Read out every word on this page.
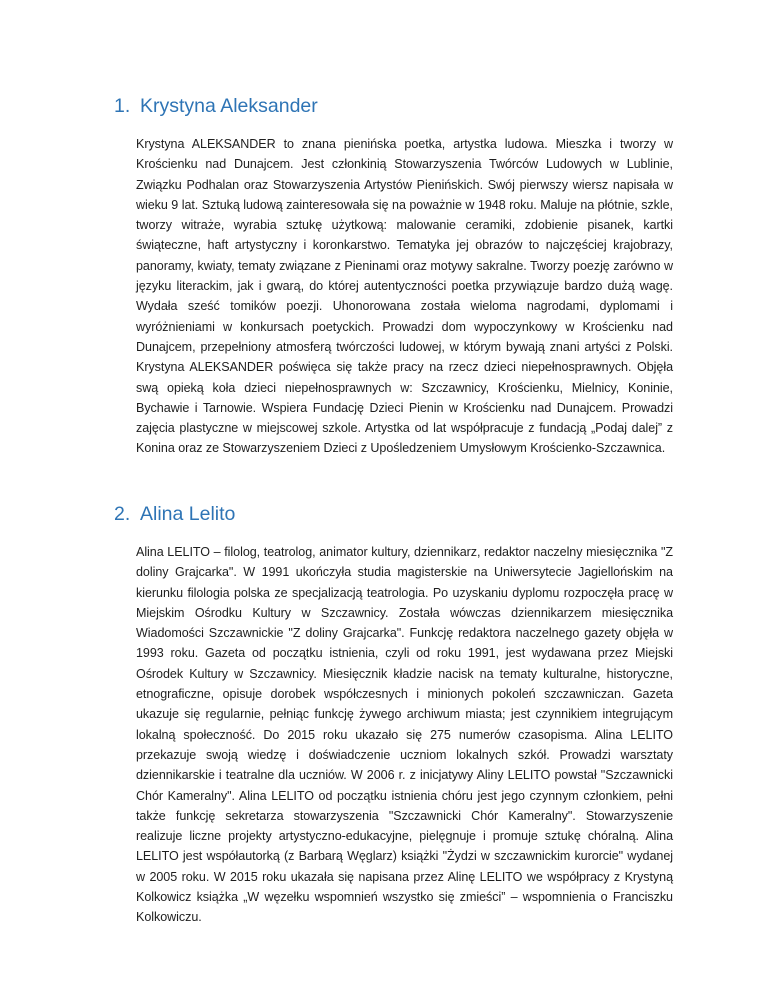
1. Krystyna Aleksander

Krystyna ALEKSANDER to znana pienińska poetka, artystka ludowa. Mieszka i tworzy w Krościenku nad Dunajcem. Jest członkinią Stowarzyszenia Twórców Ludowych w Lublinie, Związku Podhalan oraz Stowarzyszenia Artystów Pienińskich. Swój pierwszy wiersz napisała w wieku 9 lat. Sztuką ludową zainteresowała się na poważnie w 1948 roku. Maluje na płótnie, szkle, tworzy witraże, wyrabia sztukę użytkową: malowanie ceramiki, zdobienie pisanek, kartki świąteczne, haft artystyczny i koronkarstwo. Tematyka jej obrazów to najczęściej krajobrazy, panoramy, kwiaty, tematy związane z Pieninami oraz motywy sakralne. Tworzy poezję zarówno w języku literackim, jak i gwarą, do której autentyczności poetka przywiązuje bardzo dużą wagę. Wydała sześć tomików poezji. Uhonorowana została wieloma nagrodami, dyplomami i wyróżnieniami w konkursach poetyckich. Prowadzi dom wypoczynkowy w Krościenku nad Dunajcem, przepełniony atmosferą twórczości ludowej, w którym bywają znani artyści z Polski. Krystyna ALEKSANDER poświęca się także pracy na rzecz dzieci niepełnosprawnych. Objęła swą opieką koła dzieci niepełnosprawnych w: Szczawnicy, Krościenku, Mielnicy, Koninie, Bychawie i Tarnowie. Wspiera Fundację Dzieci Pienin w Krościenku nad Dunajcem. Prowadzi zajęcia plastyczne w miejscowej szkole. Artystka od lat współpracuje z fundacją „Podaj dalej” z Konina oraz ze Stowarzyszeniem Dzieci z Upośledzeniem Umysłowym Krościenko-Szczawnica.

2. Alina Lelito

Alina LELITO – filolog, teatrolog, animator kultury, dziennikarz, redaktor naczelny miesięcznika "Z doliny Grajcarka". W 1991 ukończyła studia magisterskie na Uniwersytecie Jagiellońskim na kierunku filologia polska ze specjalizacją teatrologia. Po uzyskaniu dyplomu rozpoczęła pracę w Miejskim Ośrodku Kultury w Szczawnicy. Została wówczas dziennikarzem miesięcznika Wiadomości Szczawnickie "Z doliny Grajcarka". Funkcję redaktora naczelnego gazety objęła w 1993 roku. Gazeta od początku istnienia, czyli od roku 1991, jest wydawana przez Miejski Ośrodek Kultury w Szczawnicy. Miesięcznik kładzie nacisk na tematy kulturalne, historyczne, etnograficzne, opisuje dorobek współczesnych i minionych pokoleń szczawniczan. Gazeta ukazuje się regularnie, pełniąc funkcję żywego archiwum miasta; jest czynnikiem integrującym lokalną społeczność. Do 2015 roku ukazało się 275 numerów czasopisma. Alina LELITO przekazuje swoją wiedzę i doświadczenie uczniom lokalnych szkół. Prowadzi warsztaty dziennikarskie i teatralne dla uczniów. W 2006 r. z inicjatywy Aliny LELITO powstał "Szczawnicki Chór Kameralny". Alina LELITO od początku istnienia chóru jest jego czynnym członkiem, pełni także funkcję sekretarza stowarzyszenia "Szczawnicki Chór Kameralny". Stowarzyszenie realizuje liczne projekty artystyczno-edukacyjne, pielęgnuje i promuje sztukę chóralną. Alina LELITO jest współautorką (z Barbarą Węglarz) książki "Żydzi w szczawnickim kurorcie" wydanej w 2005 roku. W 2015 roku ukazała się napisana przez Alinę LELITO we współpracy z Krystyną Kolkowicz książka „W węzełku wspomnień wszystko się zmieści” – wspomnienia o Franciszku Kolkowiczu.
